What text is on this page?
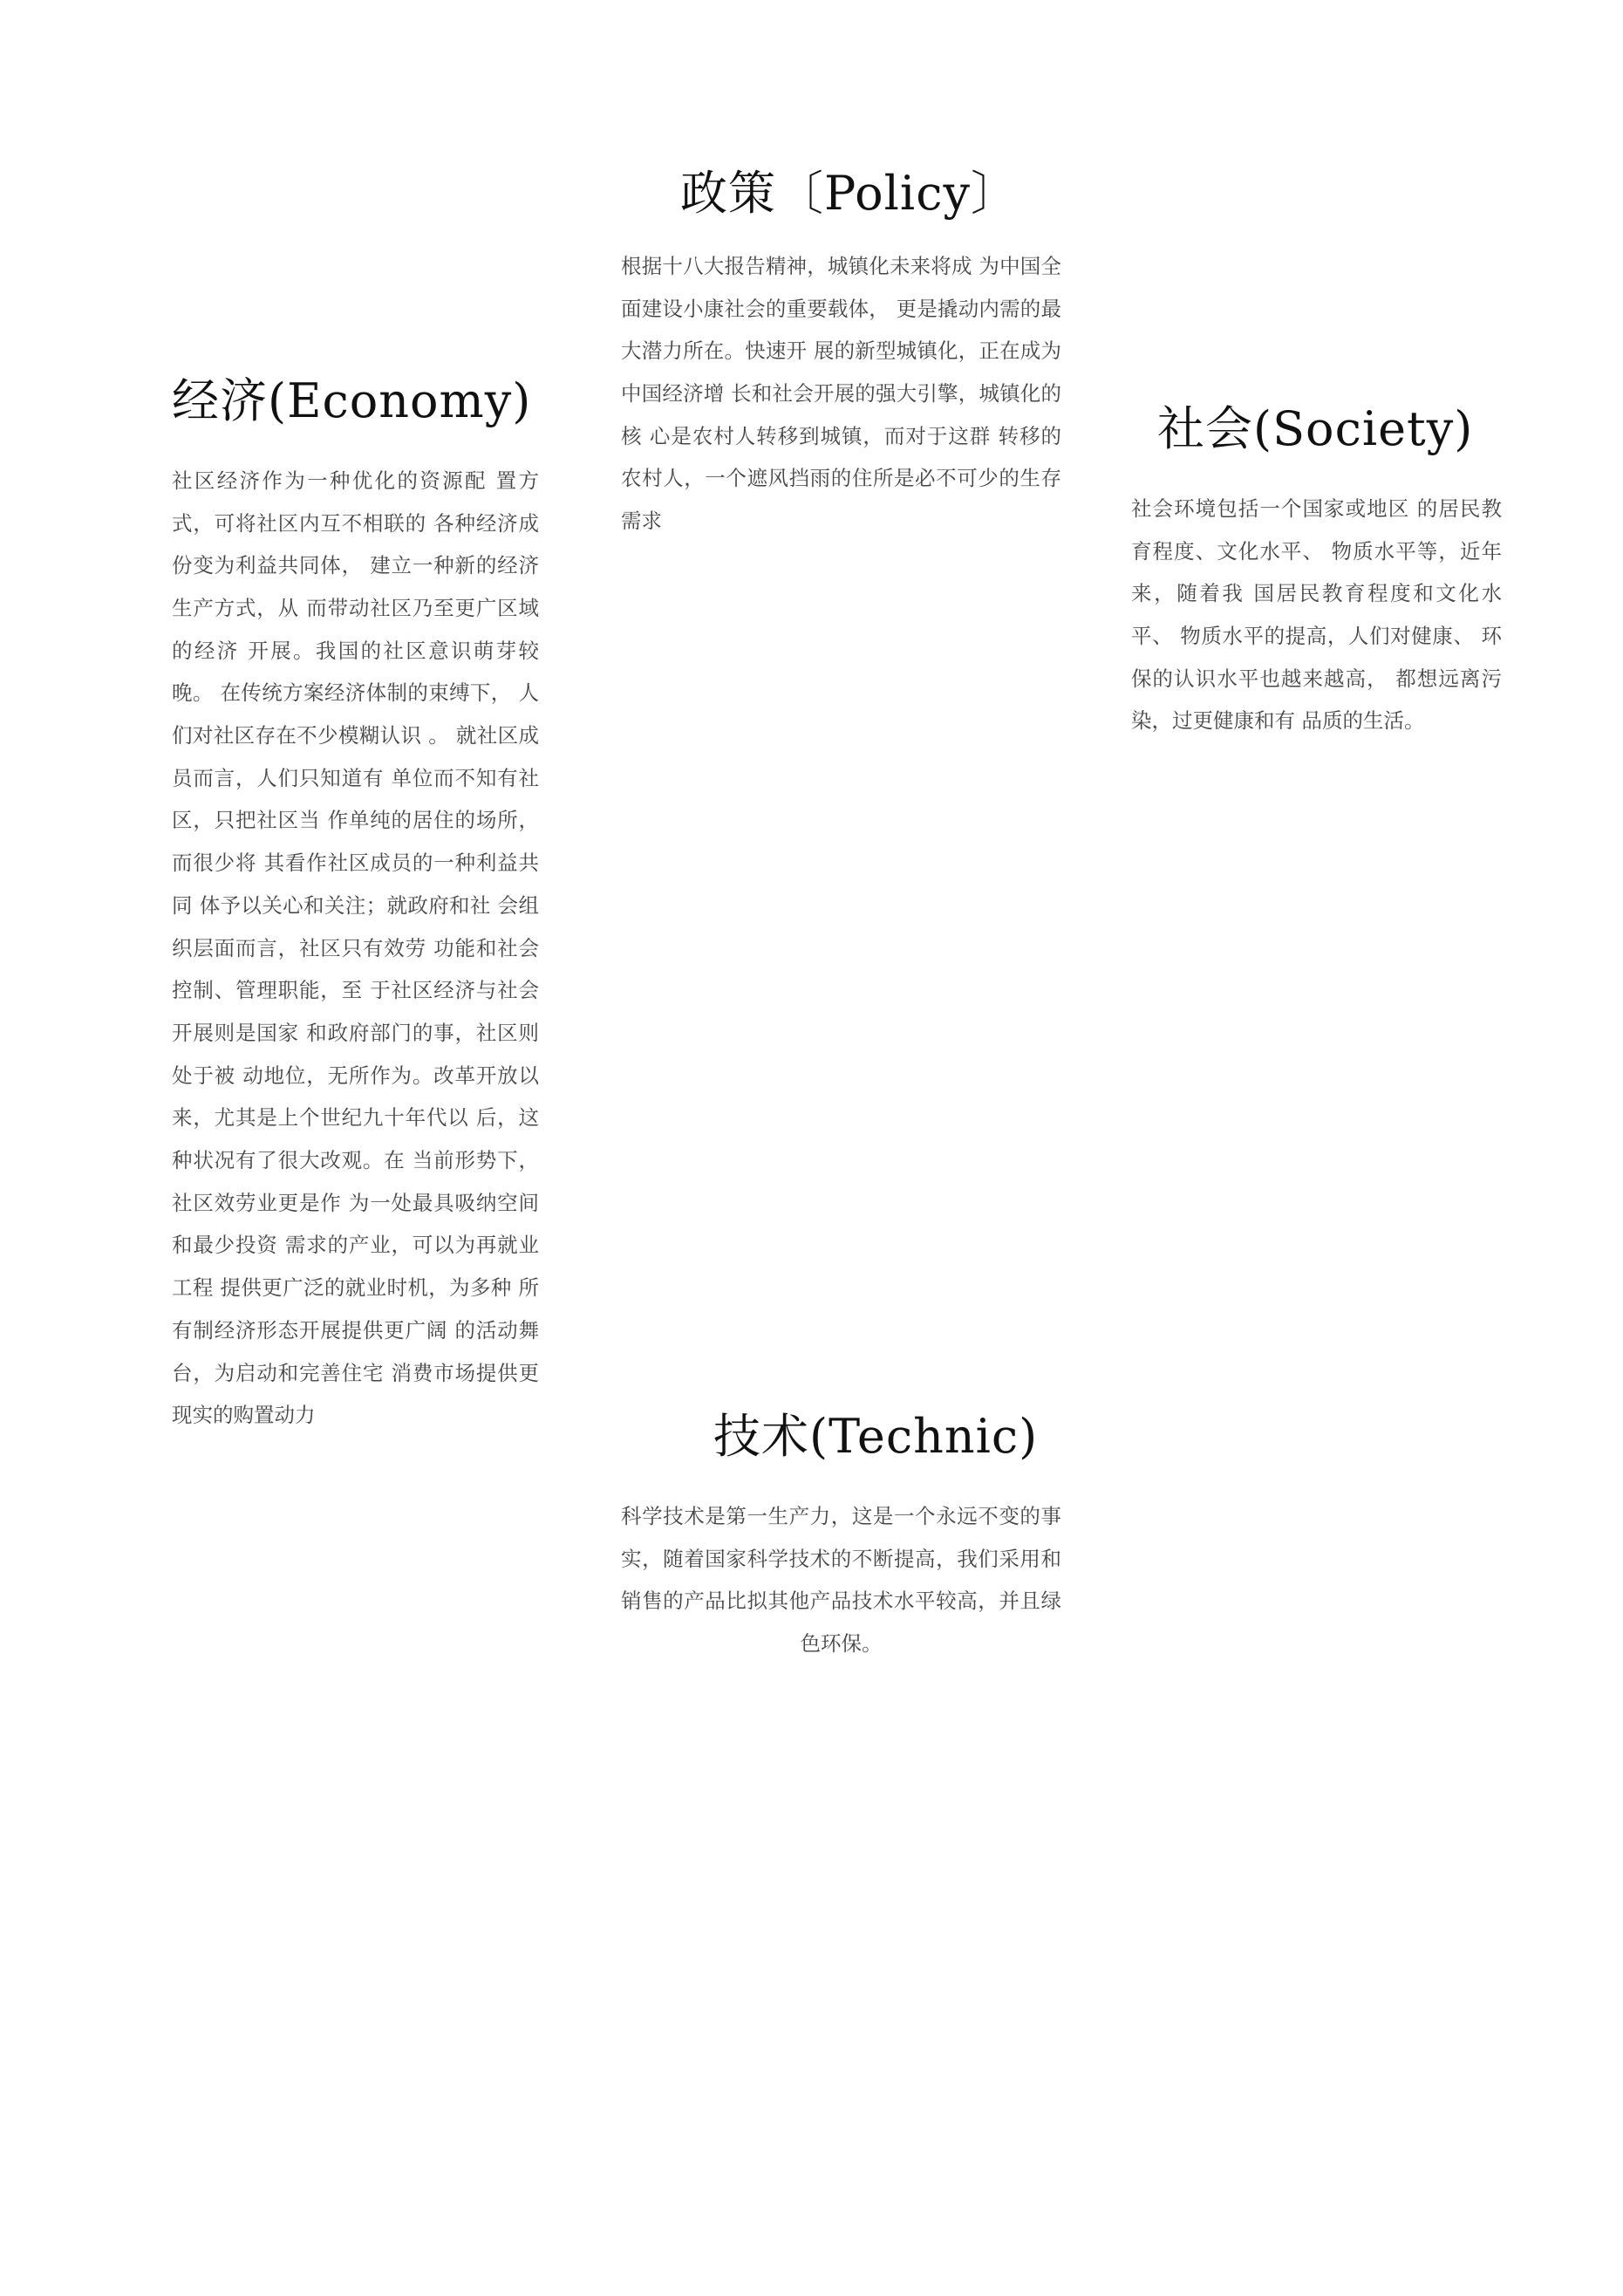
政策〔Policy〕

根据十八大报告精神，城镇化未来将成 为中国全面建设小康社会的重要载体， 更是撬动内需的最大潜力所在。快速开 展的新型城镇化，正在成为中国经济增 长和社会开展的强大引擎，城镇化的核 心是农村人转移到城镇，而对于这群 转移的农村人，一个遮风挡雨的住所是必不可少的生存需求

经济(Economy)

社区经济作为一种优化的资源配 置方式，可将社区内互不相联的 各种经济成份变为利益共同体， 建立一种新的经济生产方式，从 而带动社区乃至更广区域的经济 开展。我国的社区意识萌芽较晚。 在传统方案经济体制的束缚下， 人们对社区存在不少模糊认识 。 就社区成员而言，人们只知道有 单位而不知有社区，只把社区当 作单纯的居住的场所，而很少将 其看作社区成员的一种利益共同 体予以关心和关注；就政府和社 会组织层面而言，社区只有效劳 功能和社会控制、管理职能，至 于社区经济与社会开展则是国家 和政府部门的事，社区则处于被 动地位，无所作为。改革开放以 来，尤其是上个世纪九十年代以 后，这种状况有了很大改观。在 当前形势下，社区效劳业更是作 为一处最具吸纳空间和最少投资 需求的产业，可以为再就业工程 提供更广泛的就业时机，为多种 所有制经济形态开展提供更广阔 的活动舞台，为启动和完善住宅 消费市场提供更现实的购置动力

社会(Society)

社会环境包括一个国家或地区 的居民教育程度、文化水平、 物质水平等，近年来，随着我 国居民教育程度和文化水平、 物质水平的提高，人们对健康、 环保的认识水平也越来越高， 都想远离污染，过更健康和有 品质的生活。

技术(Technic)

科学技术是第一生产力，这是一个永远不变的事实，随着国家科学技术的不断提高，我们采用和销售的产品比拟其他产品技术水平较高，并且绿色环保。
